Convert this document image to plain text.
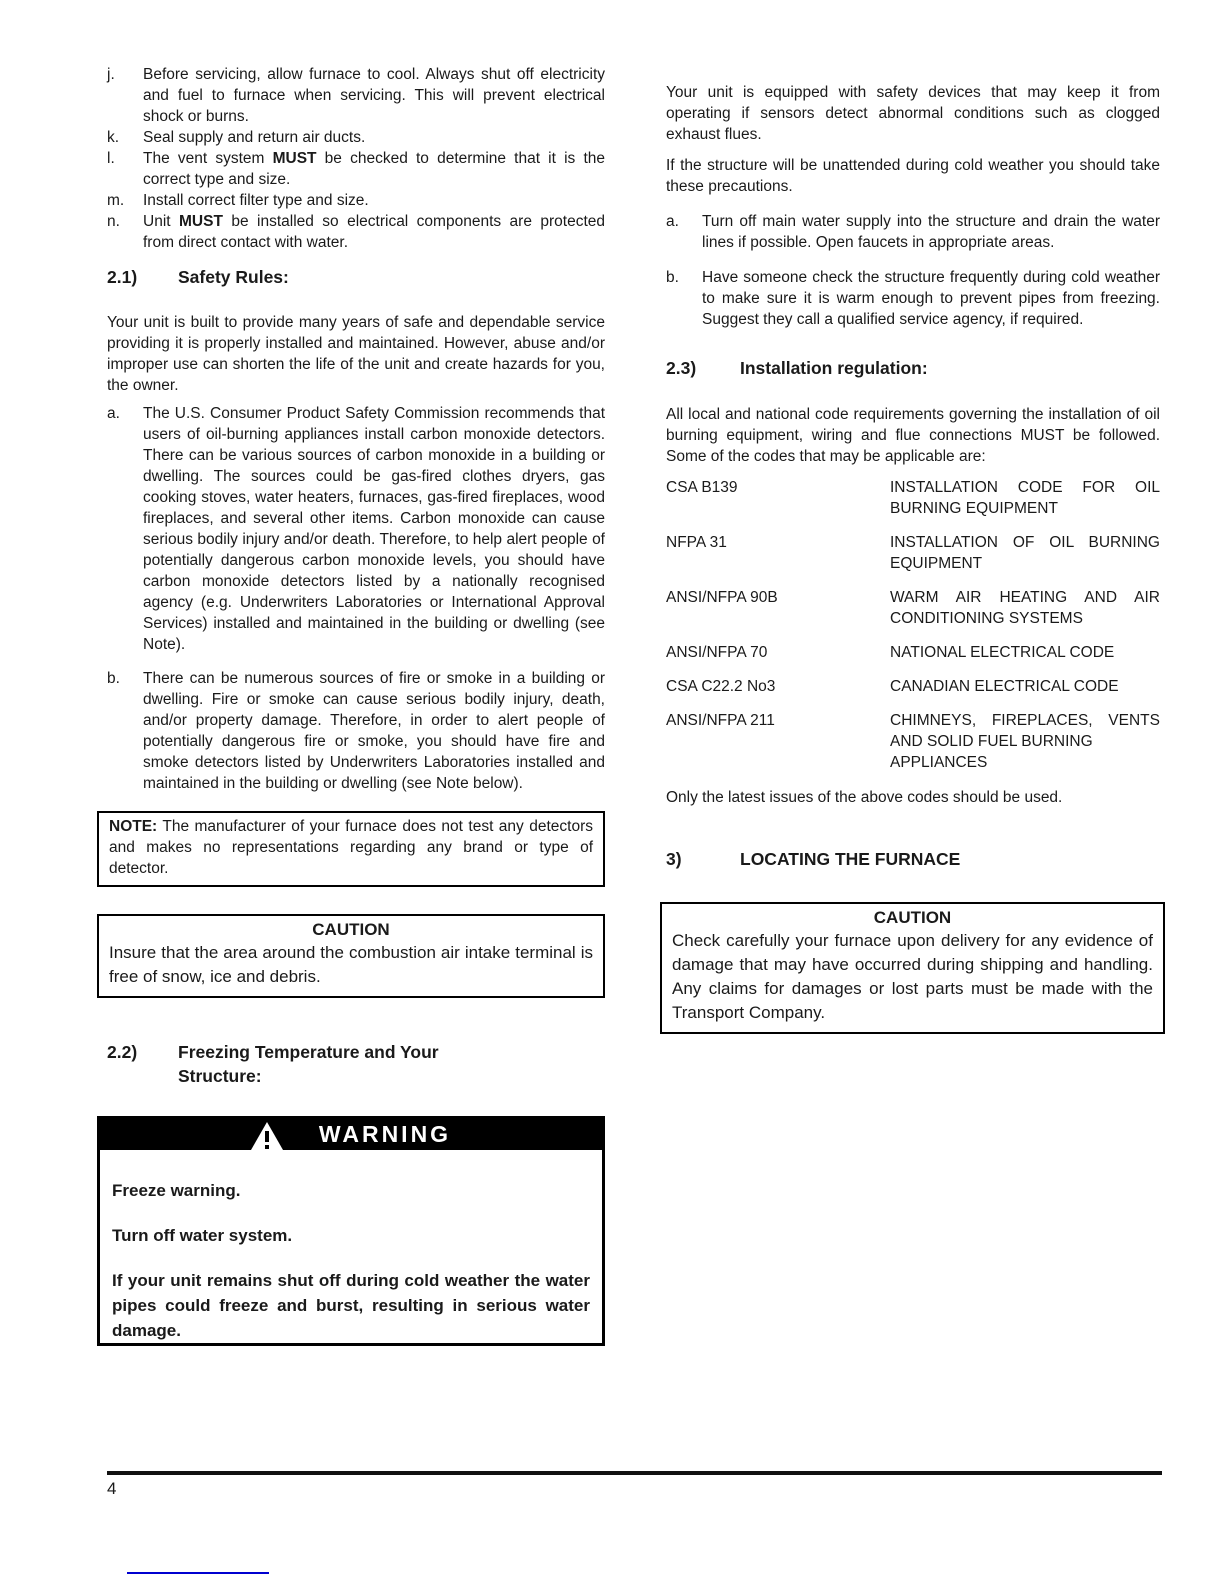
j.	Before servicing, allow furnace to cool. Always shut off electricity and fuel to furnace when servicing. This will prevent electrical shock or burns.
k.	Seal supply and return air ducts.
l.	The vent system MUST be checked to determine that it is the correct type and size.
m.	Install correct filter type and size.
n.	Unit MUST be installed so electrical components are protected from direct contact with water.
2.1)	Safety Rules:
Your unit is built to provide many years of safe and dependable service providing it is properly installed and maintained. However, abuse and/or improper use can shorten the life of the unit and create hazards for you, the owner.
a.	The U.S. Consumer Product Safety Commission recommends that users of oil-burning appliances install carbon monoxide detectors. There can be various sources of carbon monoxide in a building or dwelling. The sources could be gas-fired clothes dryers, gas cooking stoves, water heaters, furnaces, gas-fired fireplaces, wood fireplaces, and several other items. Carbon monoxide can cause serious bodily injury and/or death. Therefore, to help alert people of potentially dangerous carbon monoxide levels, you should have carbon monoxide detectors listed by a nationally recognised agency (e.g. Underwriters Laboratories or International Approval Services) installed and maintained in the building or dwelling (see Note).
b.	There can be numerous sources of fire or smoke in a building or dwelling. Fire or smoke can cause serious bodily injury, death, and/or property damage. Therefore, in order to alert people of potentially dangerous fire or smoke, you should have fire and smoke detectors listed by Underwriters Laboratories installed and maintained in the building or dwelling (see Note below).
NOTE: The manufacturer of your furnace does not test any detectors and makes no representations regarding any brand or type of detector.
CAUTION
Insure that the area around the combustion air intake terminal is free of snow, ice and debris.
2.2)	Freezing Temperature and Your
Structure:
WARNING

Freeze warning.

Turn off water system.

If your unit remains shut off during cold weather the water pipes could freeze and burst, resulting in serious water damage.

Your unit is equipped with safety devices that may keep it from operating if sensors detect abnormal conditions such as clogged exhaust flues.
If the structure will be unattended during cold weather you should take these precautions.
a.	Turn off main water supply into the structure and drain the water lines if possible. Open faucets in appropriate areas.
b.	Have someone check the structure frequently during cold weather to make sure it is warm enough to prevent pipes from freezing. Suggest they call a qualified service agency, if required.
2.3)	Installation regulation:
All local and national code requirements governing the installation of oil burning equipment, wiring and flue connections MUST be followed. Some of the codes that may be applicable are:
CSA B139	INSTALLATION CODE FOR OIL BURNING EQUIPMENT
NFPA 31	INSTALLATION OF OIL BURNING EQUIPMENT
ANSI/NFPA 90B	WARM AIR HEATING AND AIR CONDITIONING SYSTEMS
ANSI/NFPA 70	NATIONAL ELECTRICAL CODE
CSA C22.2 No3	CANADIAN ELECTRICAL CODE
ANSI/NFPA 211	CHIMNEYS, FIREPLACES, VENTS AND SOLID FUEL BURNING
APPLIANCES
Only the latest issues of the above codes should be used.
3)	LOCATING THE FURNACE
CAUTION
Check carefully your furnace upon delivery for any evidence of damage that may have occurred during shipping and handling. Any claims for damages or lost parts must be made with the Transport Company.
4
